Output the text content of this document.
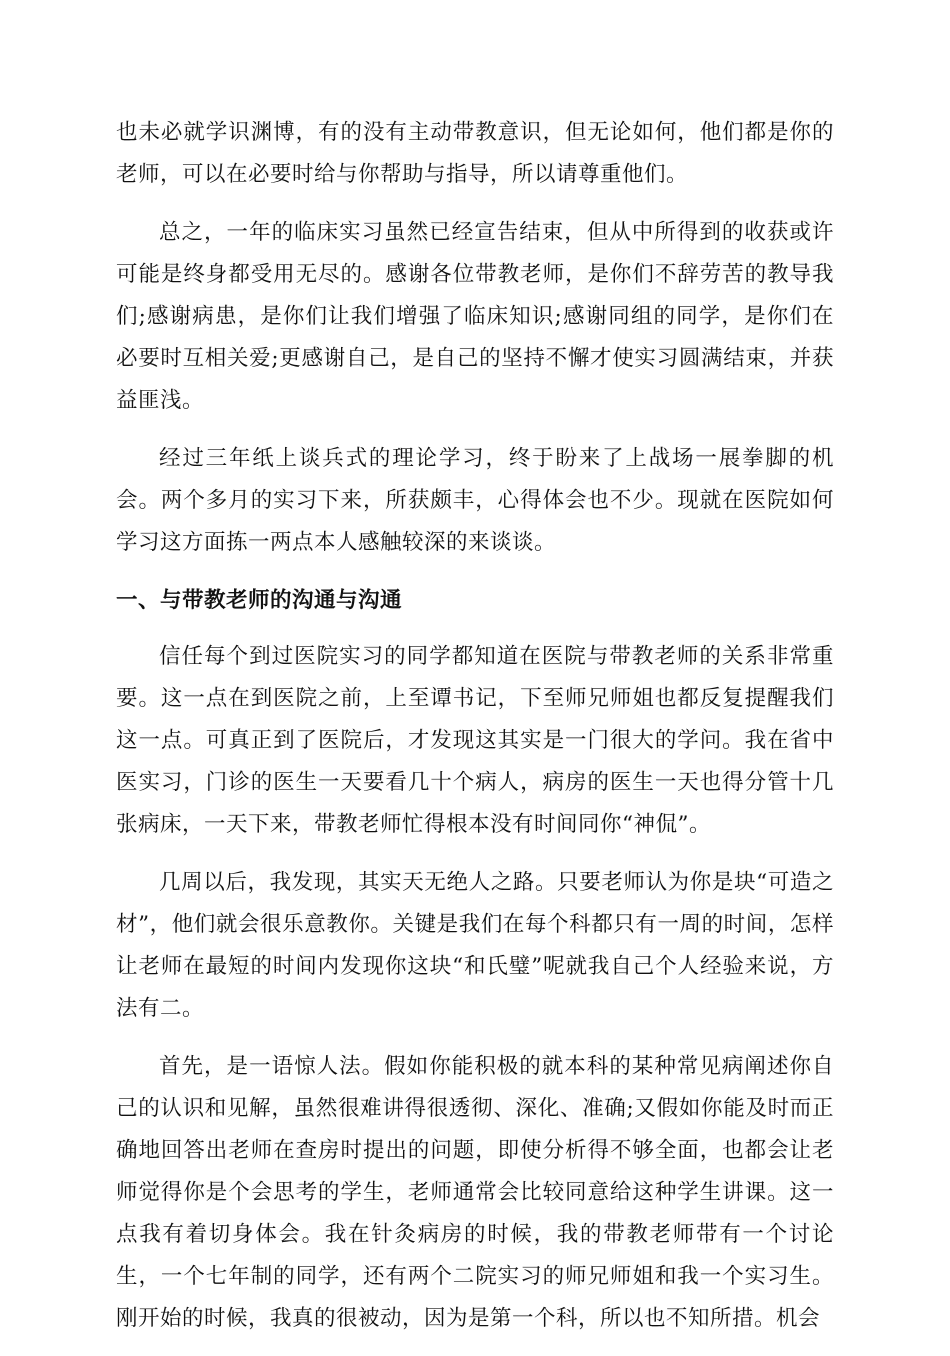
也未必就学识渊博，有的没有主动带教意识，但无论如何，他们都是你的老师，可以在必要时给与你帮助与指导，所以请尊重他们。

总之，一年的临床实习虽然已经宣告结束，但从中所得到的收获或许可能是终身都受用无尽的。感谢各位带教老师，是你们不辞劳苦的教导我们;感谢病患，是你们让我们增强了临床知识;感谢同组的同学，是你们在必要时互相关爱;更感谢自己，是自己的坚持不懈才使实习圆满结束，并获益匪浅。

经过三年纸上谈兵式的理论学习，终于盼来了上战场一展拳脚的机会。两个多月的实习下来，所获颇丰，心得体会也不少。现就在医院如何学习这方面拣一两点本人感触较深的来谈谈。

一、与带教老师的沟通与沟通

信任每个到过医院实习的同学都知道在医院与带教老师的关系非常重要。这一点在到医院之前，上至谭书记，下至师兄师姐也都反复提醒我们这一点。可真正到了医院后，才发现这其实是一门很大的学问。我在省中医实习，门诊的医生一天要看几十个病人，病房的医生一天也得分管十几张病床，一天下来，带教老师忙得根本没有时间同你“神侃”。

几周以后，我发现，其实天无绝人之路。只要老师认为你是块“可造之材”，他们就会很乐意教你。关键是我们在每个科都只有一周的时间，怎样让老师在最短的时间内发现你这块“和氏璧”呢就我自己个人经验来说，方法有二。

首先，是一语惊人法。假如你能积极的就本科的某种常见病阐述你自己的认识和见解，虽然很难讲得很透彻、深化、准确;又假如你能及时而正确地回答出老师在查房时提出的问题，即使分析得不够全面，也都会让老师觉得你是个会思考的学生，老师通常会比较同意给这种学生讲课。这一点我有着切身体会。我在针灸病房的时候，我的带教老师带有一个讨论生，一个七年制的同学，还有两个二院实习的师兄师姐和我一个实习生。刚开始的时候，我真的很被动，因为是第一个科，所以也不知所措。机会
